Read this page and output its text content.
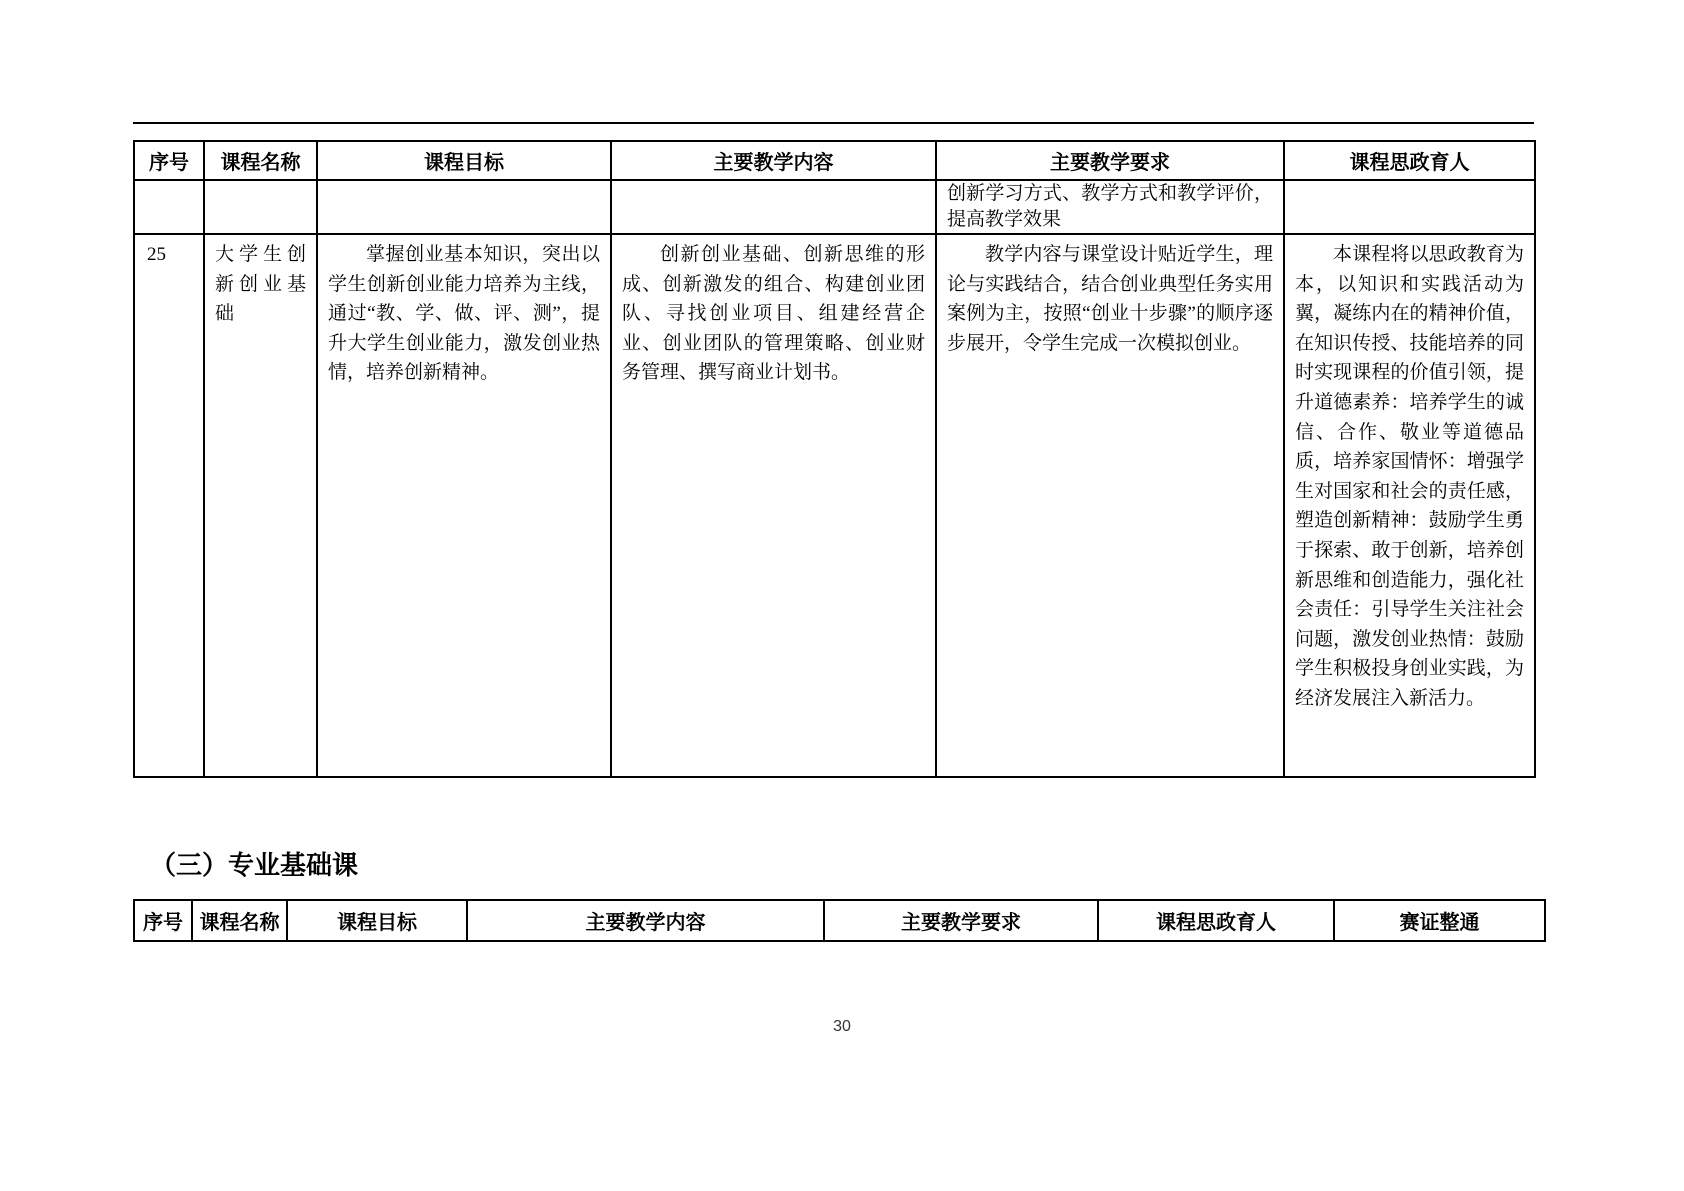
序号	课程名称	课程目标	主要教学内容	主要教学要求	课程思政育人

				创新学习方式、教学方式和教学评价，提高教学效果	

25	大学生创新创业基础	掌握创业基本知识，突出以学生创新创业能力培养为主线，通过“教、学、做、评、测”，提升大学生创业能力，激发创业热情，培养创新精神。	创新创业基础、创新思维的形成、创新激发的组合、构建创业团队、寻找创业项目、组建经营企业、创业团队的管理策略、创业财务管理、撰写商业计划书。	教学内容与课堂设计贴近学生，理论与实践结合，结合创业典型任务实用案例为主，按照“创业十步骤”的顺序逐步展开，令学生完成一次模拟创业。	本课程将以思政教育为本，以知识和实践活动为翼，凝练内在的精神价值，在知识传授、技能培养的同时实现课程的价值引领，提升道德素养：培养学生的诚信、合作、敬业等道德品质，培养家国情怀：增强学生对国家和社会的责任感，塑造创新精神：鼓励学生勇于探索、敢于创新，培养创新思维和创造能力，强化社会责任：引导学生关注社会问题，激发创业热情：鼓励学生积极投身创业实践，为经济发展注入新活力。

（三）专业基础课
序号	课程名称	课程目标	主要教学内容	主要教学要求	课程思政育人	赛证整通
30
